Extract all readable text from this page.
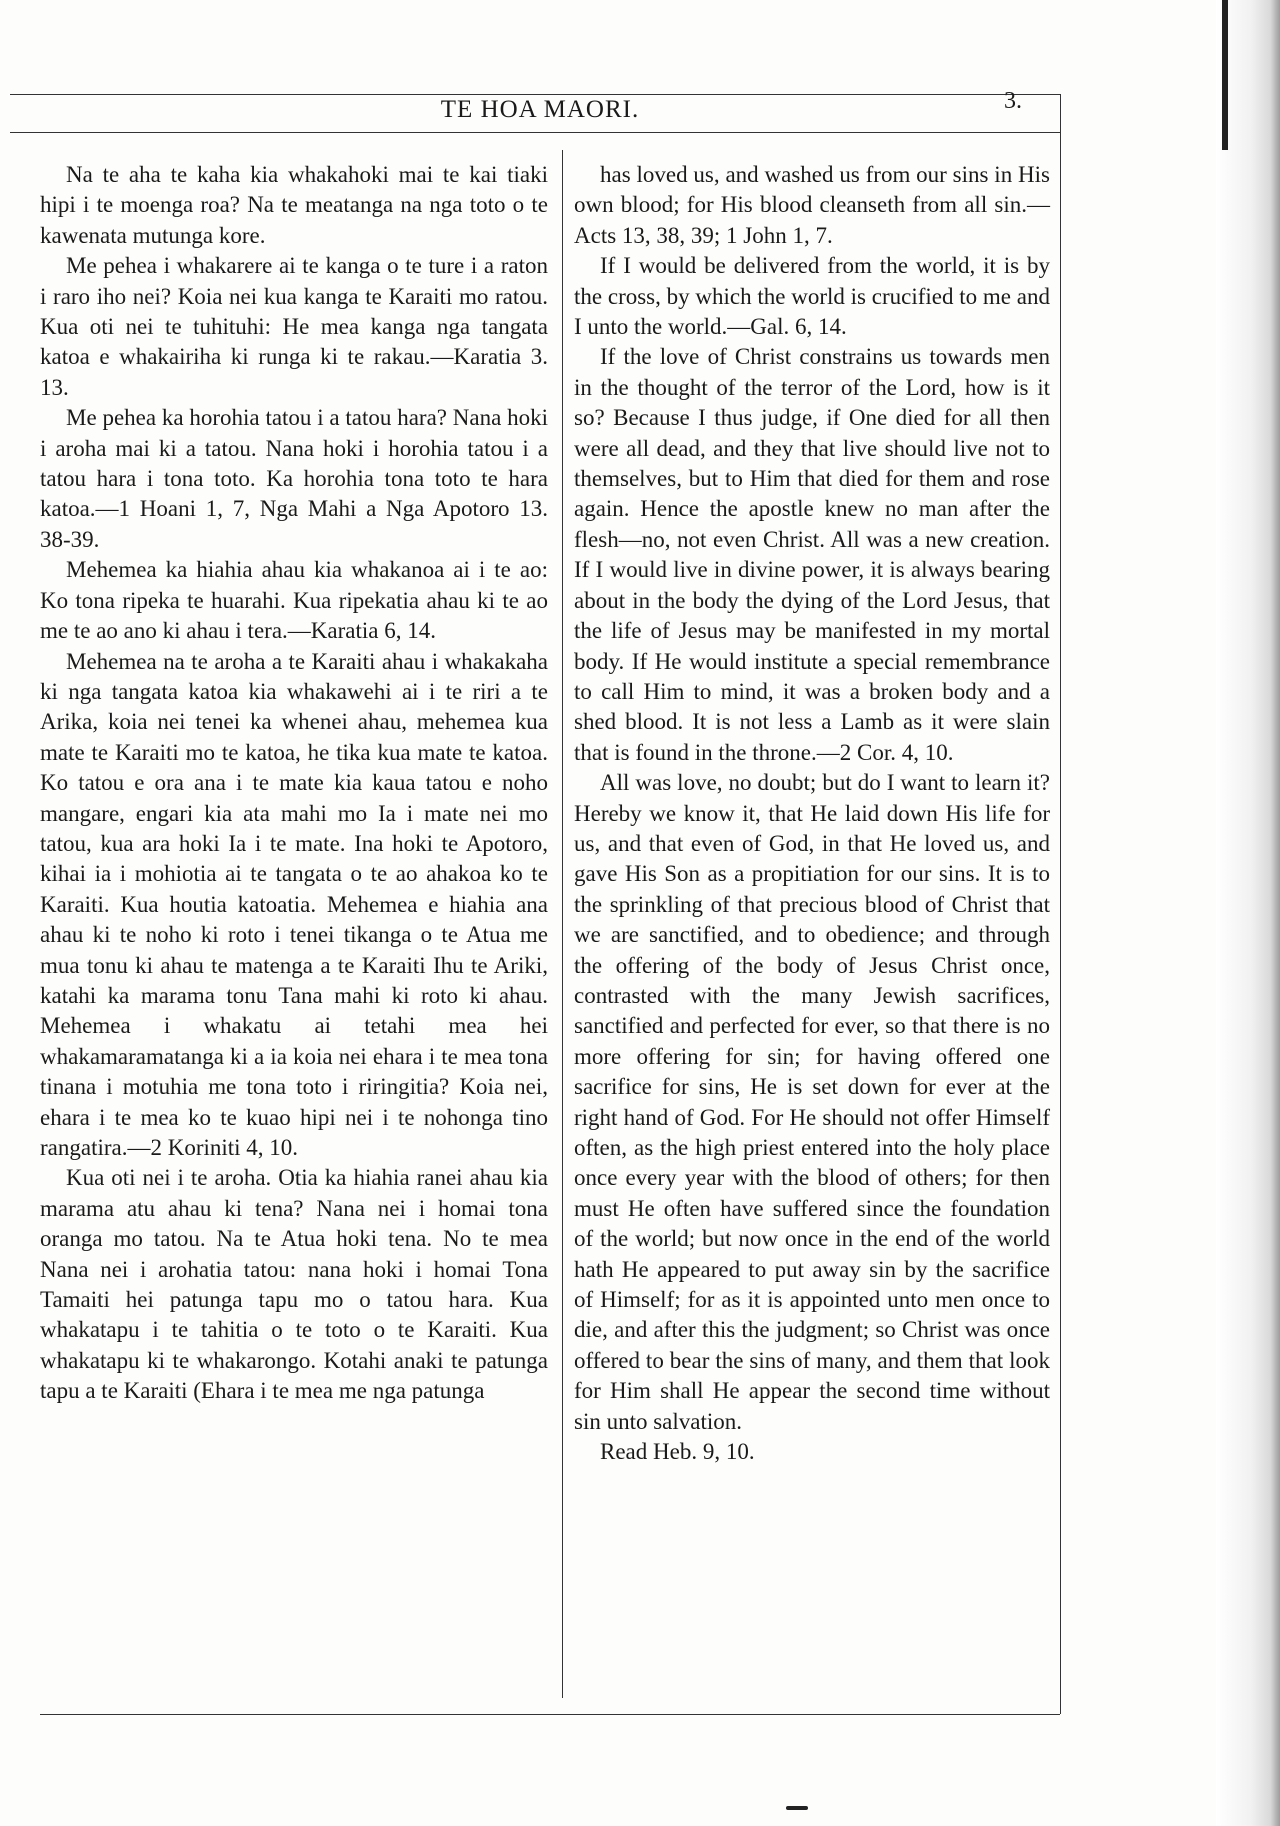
TE HOA MAORI.	3.

Na te aha te kaha kia whakahoki mai te kai tiaki hipi i te moenga roa? Na te meatanga na nga toto o te kawenata mutunga kore.

Me pehea i whakarere ai te kanga o te ture i a raton i raro iho nei? Koia nei kua kanga te Karaiti mo ratou. Kua oti nei te tuhituhi: He mea kanga nga tangata katoa e whakairiha ki runga ki te rakau.—Karatia 3. 13.

Me pehea ka horohia tatou i a tatou hara? Nana hoki i aroha mai ki a tatou. Nana hoki i horohia tatou i a tatou hara i tona toto. Ka horohia tona toto te hara katoa.—1 Hoani 1, 7, Nga Mahi a Nga Apotoro 13. 38-39.

Mehemea ka hiahia ahau kia whakanoa ai i te ao: Ko tona ripeka te huarahi. Kua ripekatia ahau ki te ao me te ao ano ki ahau i tera.—Karatia 6, 14.

Mehemea na te aroha a te Karaiti ahau i whakakaha ki nga tangata katoa kia whakawehi ai i te riri a te Arika, koia nei tenei ka whenei ahau, mehemea kua mate te Karaiti mo te katoa, he tika kua mate te katoa. Ko tatou e ora ana i te mate kia kaua tatou e noho mangare, engari kia ata mahi mo Ia i mate nei mo tatou, kua ara hoki Ia i te mate. Ina hoki te Apotoro, kihai ia i mohiotia ai te tangata o te ao ahakoa ko te Karaiti. Kua houtia katoatia. Mehemea e hiahia ana ahau ki te noho ki roto i tenei tikanga o te Atua me mua tonu ki ahau te matenga a te Karaiti Ihu te Ariki, katahi ka marama tonu Tana mahi ki roto ki ahau. Mehemea i whakatu ai tetahi mea hei whakamaramatanga ki a ia koia nei ehara i te mea tona tinana i motuhia me tona toto i riringitia? Koia nei, ehara i te mea ko te kuao hipi nei i te nohonga tino rangatira.—2 Koriniti 4, 10.

Kua oti nei i te aroha. Otia ka hiahia ranei ahau kia marama atu ahau ki tena? Nana nei i homai tona oranga mo tatou. Na te Atua hoki tena. No te mea Nana nei i arohatia tatou: nana hoki i homai Tona Tamaiti hei patunga tapu mo o tatou hara. Kua whakatapu i te tahitia o te toto o te Karaiti. Kua whakatapu ki te whakarongo. Kotahi anaki te patunga tapu a te Karaiti (Ehara i te mea me nga patunga

has loved us, and washed us from our sins in His own blood; for His blood cleanseth from all sin.—Acts 13, 38, 39; 1 John 1, 7.

If I would be delivered from the world, it is by the cross, by which the world is crucified to me and I unto the world.—Gal. 6, 14.

If the love of Christ constrains us towards men in the thought of the terror of the Lord, how is it so? Because I thus judge, if One died for all then were all dead, and they that live should live not to themselves, but to Him that died for them and rose again. Hence the apostle knew no man after the flesh—no, not even Christ. All was a new creation. If I would live in divine power, it is always bearing about in the body the dying of the Lord Jesus, that the life of Jesus may be manifested in my mortal body. If He would institute a special remembrance to call Him to mind, it was a broken body and a shed blood. It is not less a Lamb as it were slain that is found in the throne.—2 Cor. 4, 10.

All was love, no doubt; but do I want to learn it? Hereby we know it, that He laid down His life for us, and that even of God, in that He loved us, and gave His Son as a propitiation for our sins. It is to the sprinkling of that precious blood of Christ that we are sanctified, and to obedience; and through the offering of the body of Jesus Christ once, contrasted with the many Jewish sacrifices, sanctified and perfected for ever, so that there is no more offering for sin; for having offered one sacrifice for sins, He is set down for ever at the right hand of God. For He should not offer Himself often, as the high priest entered into the holy place once every year with the blood of others; for then must He often have suffered since the foundation of the world; but now once in the end of the world hath He appeared to put away sin by the sacrifice of Himself; for as it is appointed unto men once to die, and after this the judgment; so Christ was once offered to bear the sins of many, and them that look for Him shall He appear the second time without sin unto salvation.

Read Heb. 9, 10.
